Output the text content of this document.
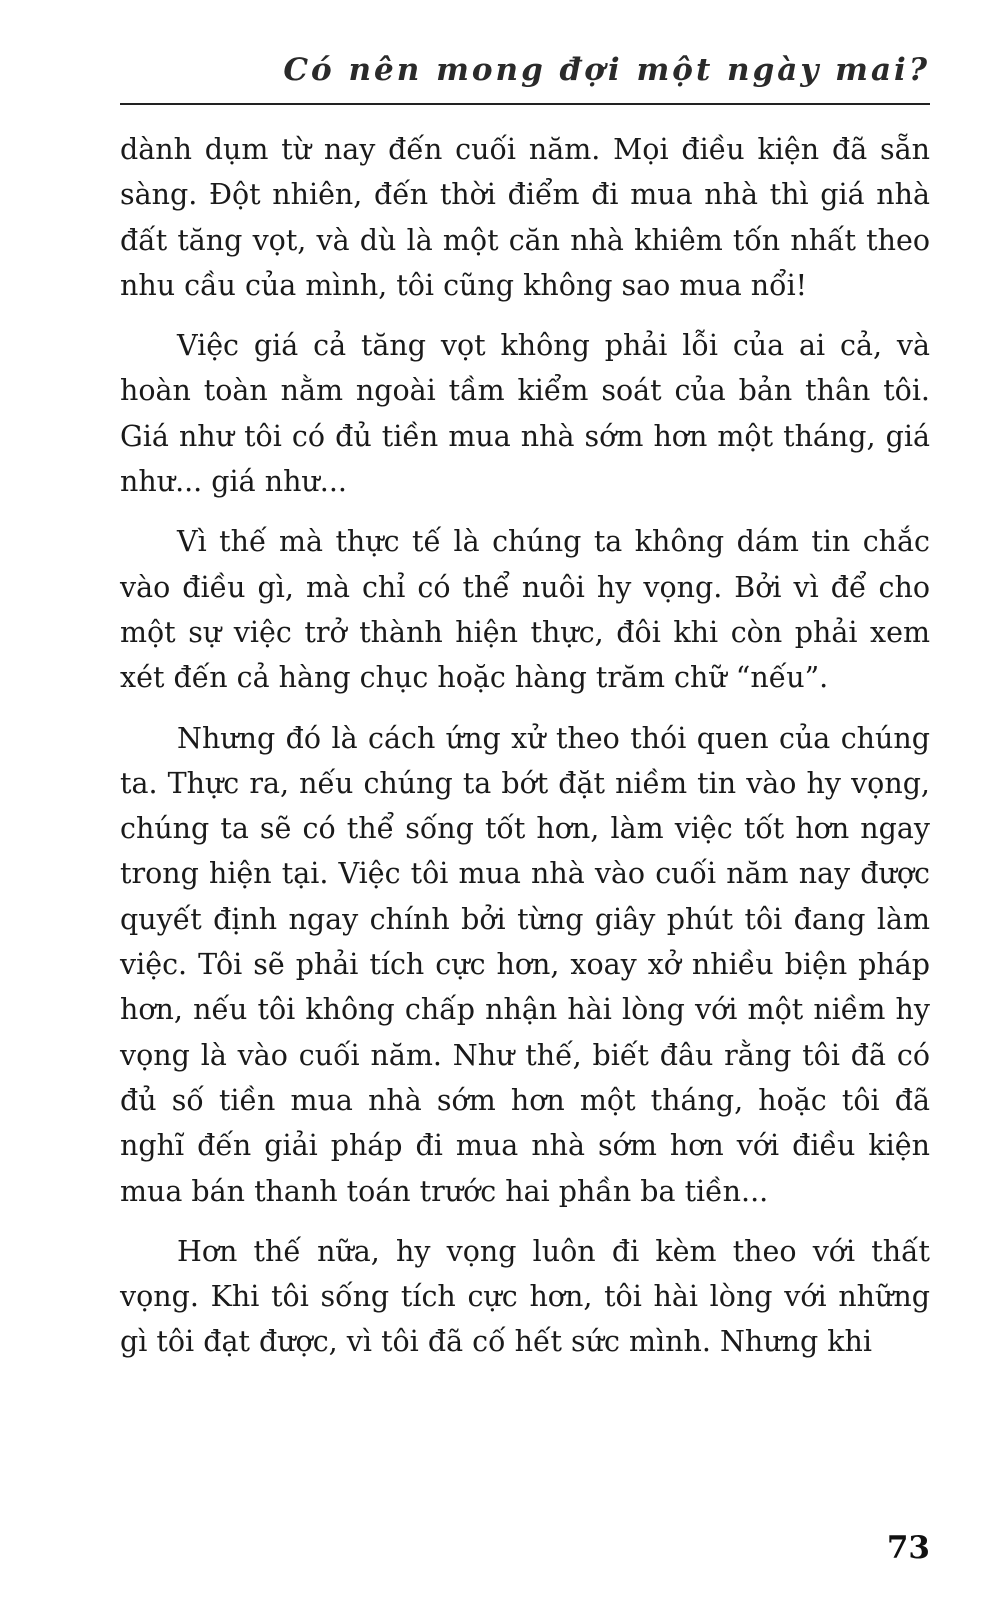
Có nên mong đợi một ngày mai?

dành dụm từ nay đến cuối năm. Mọi điều kiện đã sẵn sàng. Đột nhiên, đến thời điểm đi mua nhà thì giá nhà đất tăng vọt, và dù là một căn nhà khiêm tốn nhất theo nhu cầu của mình, tôi cũng không sao mua nổi!

Việc giá cả tăng vọt không phải lỗi của ai cả, và hoàn toàn nằm ngoài tầm kiểm soát của bản thân tôi. Giá như tôi có đủ tiền mua nhà sớm hơn một tháng, giá như... giá như...

Vì thế mà thực tế là chúng ta không dám tin chắc vào điều gì, mà chỉ có thể nuôi hy vọng. Bởi vì để cho một sự việc trở thành hiện thực, đôi khi còn phải xem xét đến cả hàng chục hoặc hàng trăm chữ “nếu”.

Nhưng đó là cách ứng xử theo thói quen của chúng ta. Thực ra, nếu chúng ta bớt đặt niềm tin vào hy vọng, chúng ta sẽ có thể sống tốt hơn, làm việc tốt hơn ngay trong hiện tại. Việc tôi mua nhà vào cuối năm nay được quyết định ngay chính bởi từng giây phút tôi đang làm việc. Tôi sẽ phải tích cực hơn, xoay xở nhiều biện pháp hơn, nếu tôi không chấp nhận hài lòng với một niềm hy vọng là vào cuối năm. Như thế, biết đâu rằng tôi đã có đủ số tiền mua nhà sớm hơn một tháng, hoặc tôi đã nghĩ đến giải pháp đi mua nhà sớm hơn với điều kiện mua bán thanh toán trước hai phần ba tiền...

Hơn thế nữa, hy vọng luôn đi kèm theo với thất vọng. Khi tôi sống tích cực hơn, tôi hài lòng với những gì tôi đạt được, vì tôi đã cố hết sức mình. Nhưng khi

73
